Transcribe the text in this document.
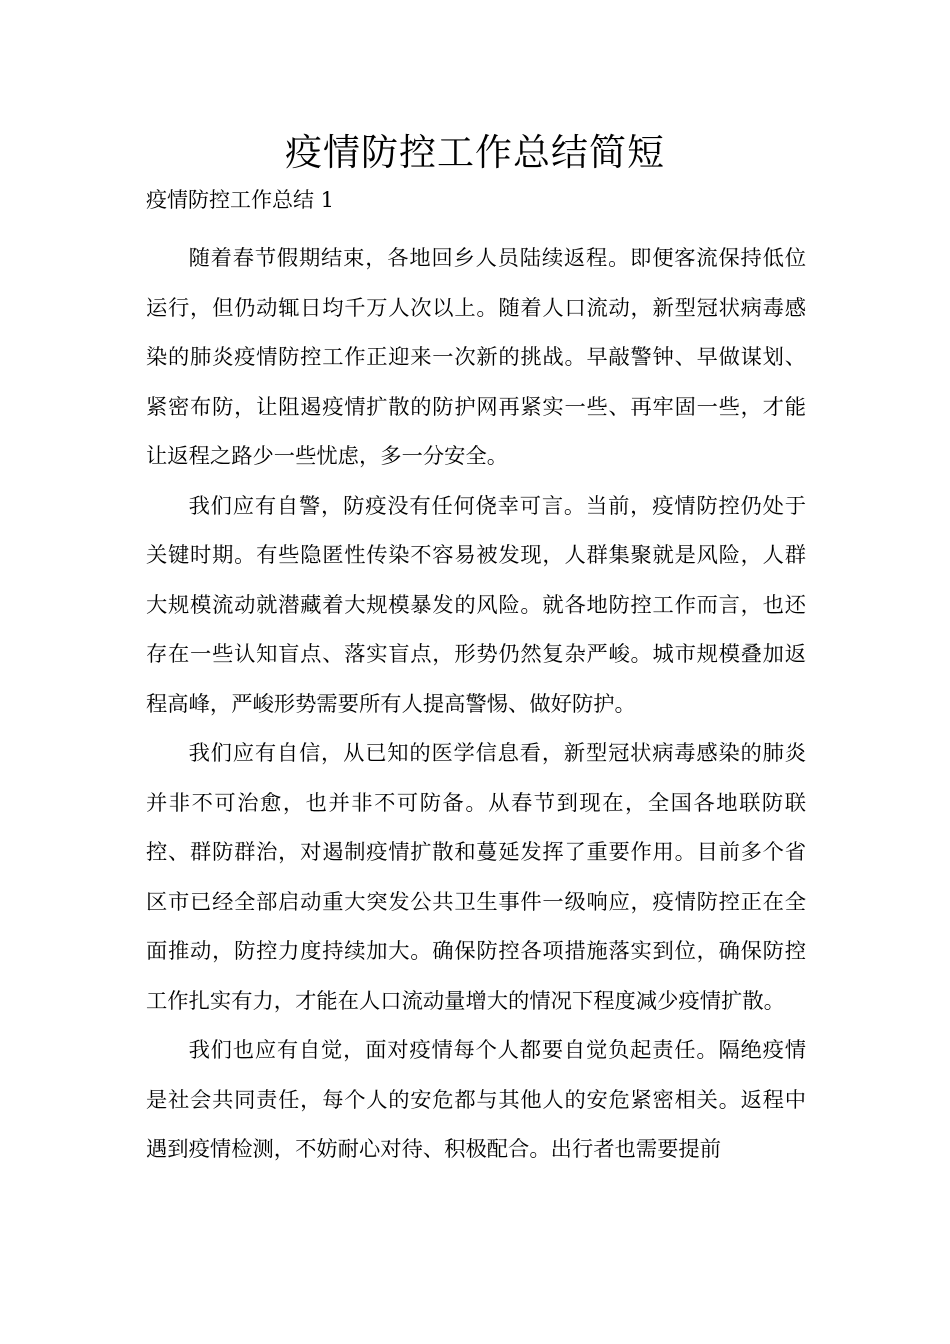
疫情防控工作总结简短
疫情防控工作总结 1

随着春节假期结束，各地回乡人员陆续返程。即便客流保持低位运行，但仍动辄日均千万人次以上。随着人口流动，新型冠状病毒感染的肺炎疫情防控工作正迎来一次新的挑战。早敲警钟、早做谋划、紧密布防，让阻遏疫情扩散的防护网再紧实一些、再牢固一些，才能让返程之路少一些忧虑，多一分安全。

我们应有自警，防疫没有任何侥幸可言。当前，疫情防控仍处于关键时期。有些隐匿性传染不容易被发现，人群集聚就是风险，人群大规模流动就潜藏着大规模暴发的风险。就各地防控工作而言，也还存在一些认知盲点、落实盲点，形势仍然复杂严峻。城市规模叠加返程高峰，严峻形势需要所有人提高警惕、做好防护。

我们应有自信，从已知的医学信息看，新型冠状病毒感染的肺炎并非不可治愈，也并非不可防备。从春节到现在，全国各地联防联控、群防群治，对遏制疫情扩散和蔓延发挥了重要作用。目前多个省区市已经全部启动重大突发公共卫生事件一级响应，疫情防控正在全面推动，防控力度持续加大。确保防控各项措施落实到位，确保防控工作扎实有力，才能在人口流动量增大的情况下程度减少疫情扩散。

我们也应有自觉，面对疫情每个人都要自觉负起责任。隔绝疫情是社会共同责任，每个人的安危都与其他人的安危紧密相关。返程中遇到疫情检测，不妨耐心对待、积极配合。出行者也需要提前
